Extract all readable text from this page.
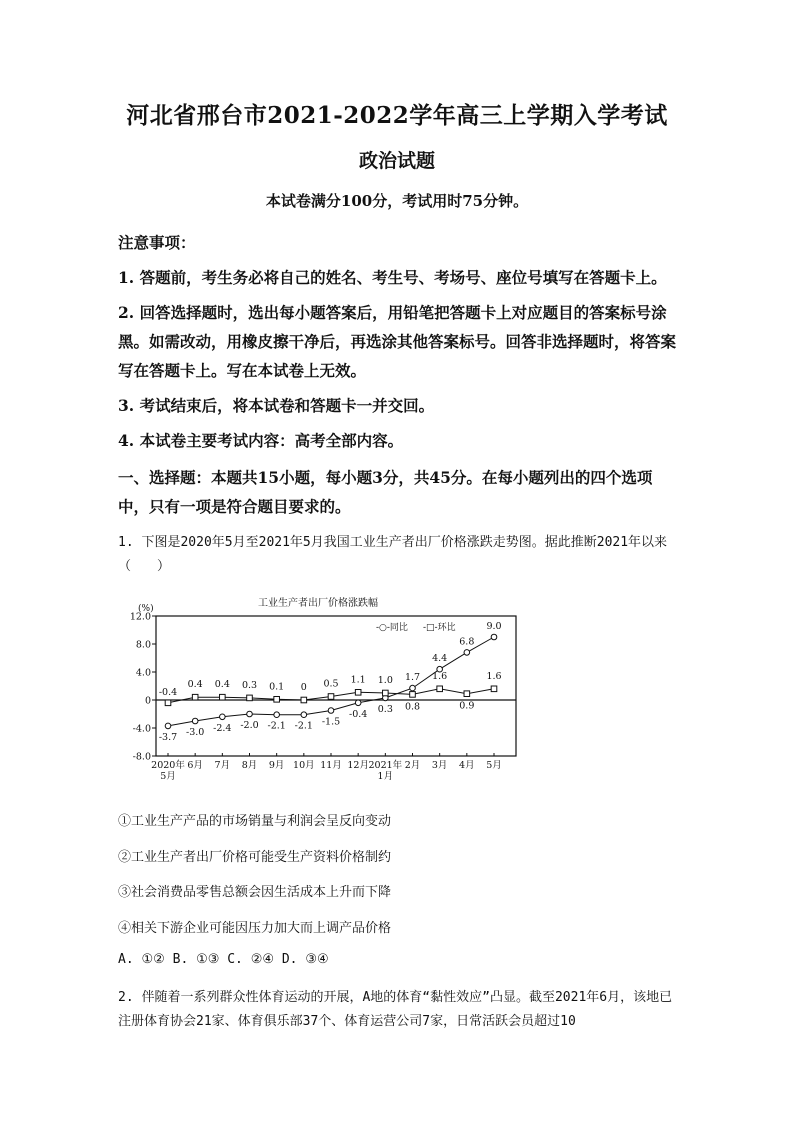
河北省邢台市2021-2022学年高三上学期入学考试
政治试题
本试卷满分100分，考试用时75分钟。
注意事项：
1. 答题前，考生务必将自己的姓名、考生号、考场号、座位号填写在答题卡上。
2. 回答选择题时，选出每小题答案后，用铅笔把答题卡上对应题目的答案标号涂黑。如需改动，用橡皮擦干净后，再选涂其他答案标号。回答非选择题时，将答案写在答题卡上。写在本试卷上无效。
3. 考试结束后，将本试卷和答题卡一并交回。
4. 本试卷主要考试内容：高考全部内容。
一、选择题：本题共15小题，每小题3分，共45分。在每小题列出的四个选项中，只有一项是符合题目要求的。
1. 下图是2020年5月至2021年5月我国工业生产者出厂价格涨跌走势图。据此推断2021年以来（　　）
工业生产者出厂价格涨跌幅
(%)
12.0
8.0
4.0
0
-4.0
-8.0
2020年
5月
6月 7月 8月 9月 10月 11月 12月 2021年
1月
2月 3月 4月 5月
-3.7 -3.0 -2.4 -2.0 -2.1 -2.1 -1.5
-0.4 0.3
1.7
4.4
6.8
9.0
-0.4
0.4 0.4 0.3 0.1 0 0.5 1.1 1.0
0.8
1.6
0.9
1.6
-○-同比 -□-环比
①工业生产产品的市场销量与利润会呈反向变动
②工业生产者出厂价格可能受生产资料价格制约
③社会消费品零售总额会因生活成本上升而下降
④相关下游企业可能因压力加大而上调产品价格
A. ①② B. ①③ C. ②④ D. ③④
2. 伴随着一系列群众性体育运动的开展，A地的体育“黏性效应”凸显。截至2021年6月，该地已注册体育协会21家、体育俱乐部37个、体育运营公司7家，日常活跃会员超过10
